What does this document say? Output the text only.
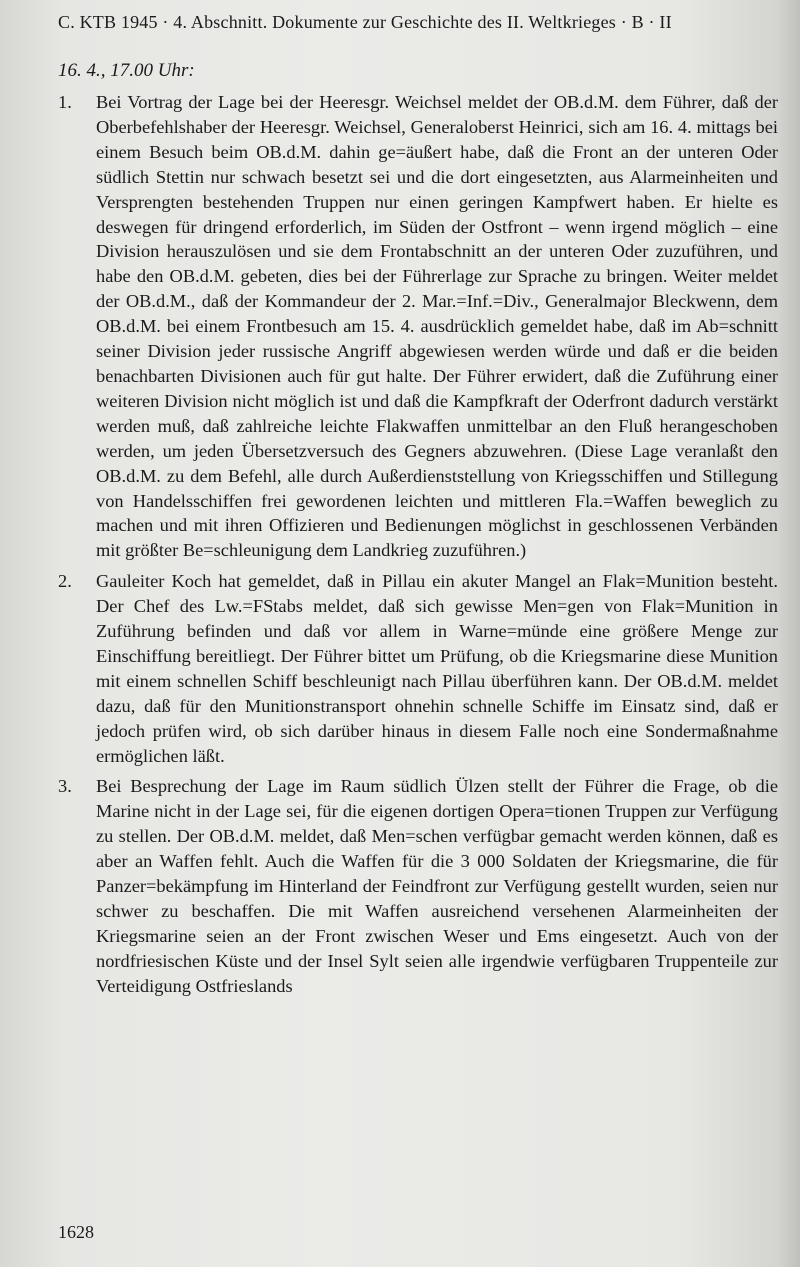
C. KTB 1945 · 4. Abschnitt. Dokumente zur Geschichte des II. Weltkrieges · B · II
16. 4., 17.00 Uhr:
1. Bei Vortrag der Lage bei der Heeresgr. Weichsel meldet der OB.d.M. dem Führer, daß der Oberbefehlshaber der Heeresgr. Weichsel, Generaloberst Heinrici, sich am 16. 4. mittags bei einem Besuch beim OB.d.M. dahin ge=äußert habe, daß die Front an der unteren Oder südlich Stettin nur schwach besetzt sei und die dort eingesetzten, aus Alarmeinheiten und Versprengten bestehenden Truppen nur einen geringen Kampfwert haben. Er hielte es deswegen für dringend erforderlich, im Süden der Ostfront – wenn irgend möglich – eine Division herauszulösen und sie dem Frontabschnitt an der unteren Oder zuzuführen, und habe den OB.d.M. gebeten, dies bei der Führerlage zur Sprache zu bringen. Weiter meldet der OB.d.M., daß der Kommandeur der 2. Mar.=Inf.=Div., Generalmajor Bleckwenn, dem OB.d.M. bei einem Frontbesuch am 15. 4. ausdrücklich gemeldet habe, daß im Ab=schnitt seiner Division jeder russische Angriff abgewiesen werden würde und daß er die beiden benachbarten Divisionen auch für gut halte. Der Führer erwidert, daß die Zuführung einer weiteren Division nicht möglich ist und daß die Kampfkraft der Oderfront dadurch verstärkt werden muß, daß zahlreiche leichte Flakwaffen unmittelbar an den Fluß herangeschoben werden, um jeden Übersetzversuch des Gegners abzuwehren. (Diese Lage veranlaßt den OB.d.M. zu dem Befehl, alle durch Außerdienststellung von Kriegsschiffen und Stillegung von Handelsschiffen frei gewordenen leichten und mittleren Fla.=Waffen beweglich zu machen und mit ihren Offizieren und Bedienungen möglichst in geschlossenen Verbänden mit größter Be=schleunigung dem Landkrieg zuzuführen.)
2. Gauleiter Koch hat gemeldet, daß in Pillau ein akuter Mangel an Flak=Munition besteht. Der Chef des Lw.=FStabs meldet, daß sich gewisse Men=gen von Flak=Munition in Zuführung befinden und daß vor allem in Warne=münde eine größere Menge zur Einschiffung bereitliegt. Der Führer bittet um Prüfung, ob die Kriegsmarine diese Munition mit einem schnellen Schiff beschleunigt nach Pillau überführen kann. Der OB.d.M. meldet dazu, daß für den Munitionstransport ohnehin schnelle Schiffe im Einsatz sind, daß er jedoch prüfen wird, ob sich darüber hinaus in diesem Falle noch eine Sondermaßnahme ermöglichen läßt.
3. Bei Besprechung der Lage im Raum südlich Ülzen stellt der Führer die Frage, ob die Marine nicht in der Lage sei, für die eigenen dortigen Opera=tionen Truppen zur Verfügung zu stellen. Der OB.d.M. meldet, daß Men=schen verfügbar gemacht werden können, daß es aber an Waffen fehlt. Auch die Waffen für die 3 000 Soldaten der Kriegsmarine, die für Panzer=bekämpfung im Hinterland der Feindfront zur Verfügung gestellt wurden, seien nur schwer zu beschaffen. Die mit Waffen ausreichend versehenen Alarmeinheiten der Kriegsmarine seien an der Front zwischen Weser und Ems eingesetzt. Auch von der nordfriesischen Küste und der Insel Sylt seien alle irgendwie verfügbaren Truppenteile zur Verteidigung Ostfrieslands
1628
